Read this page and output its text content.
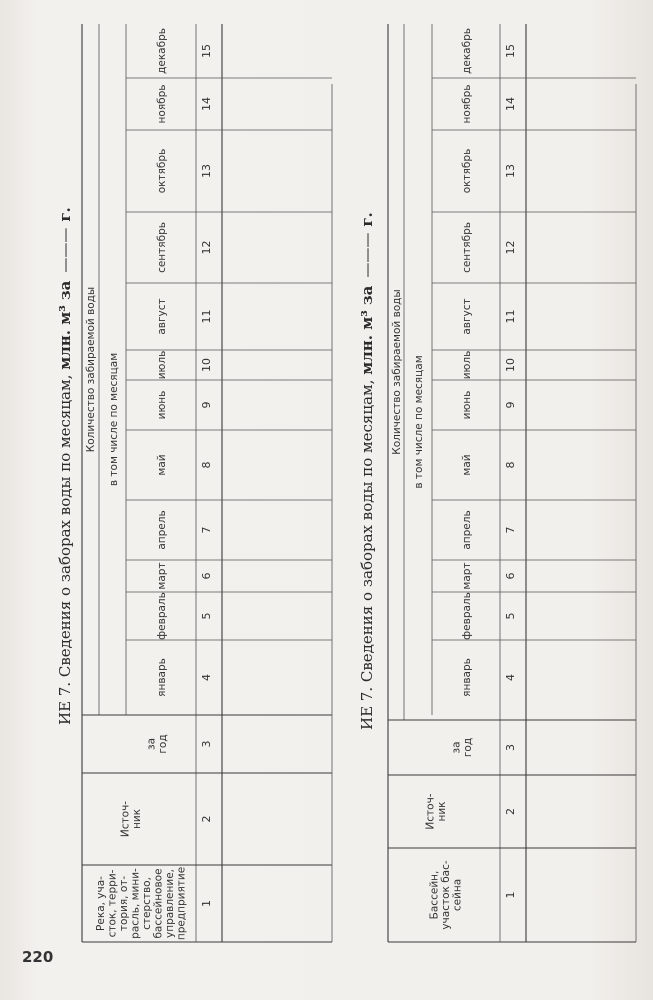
ИЕ 7. Сведения о заборах воды по месяцам, млн. м³ за———г.
Река, уча-сток, терри-тория, от-расль, мини-стерство,бассейновоеуправление,предприятие
Источ-ник
загод
Количество забираемой воды в том числе по месяцам
январь
февраль
март
апрель
май
июнь
июль
август
сентябрь
октябрь
ноябрь
декабрь
1
2
3
4
5
6
7
8
9
10
11
12
13
14
15
ИЕ 7. Сведения о заборах воды по месяцам, млн. м³ за———г.
Бассейн,участок бас-сейна
Источ-ник
загод
Количество забираемой воды в том числе по месяцам
январь
февраль
март
апрель
май
июнь
июль
август
сентябрь
октябрь
ноябрь
декабрь
1
2
3
4
5
6
7
8
9
10
11
12
13
14
15
220
